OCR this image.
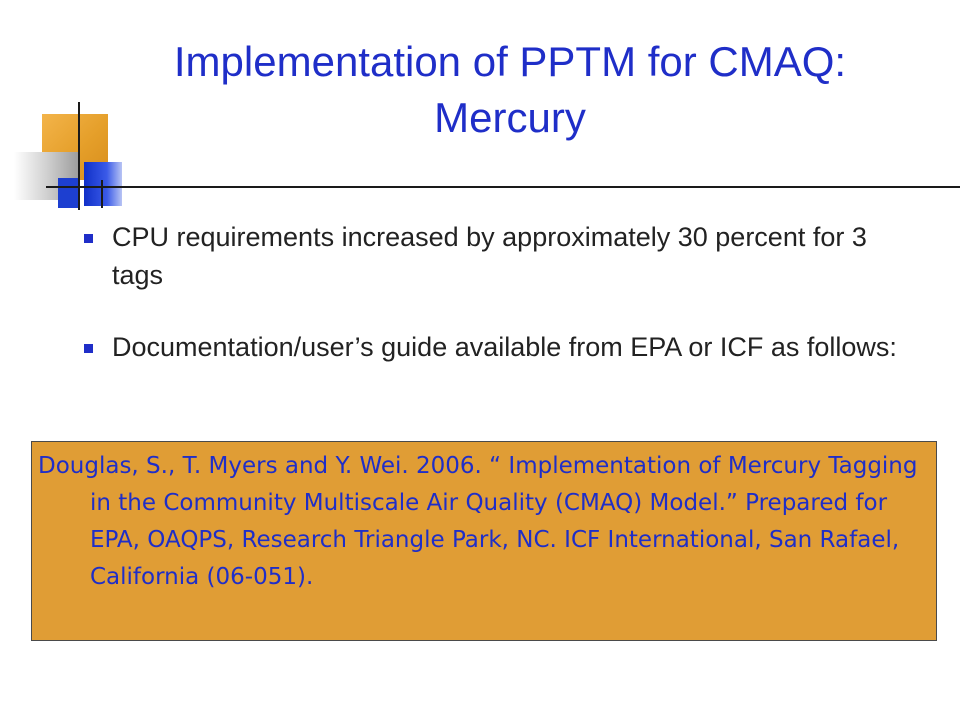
Implementation of PPTM for CMAQ: Mercury
CPU requirements increased by approximately 30 percent for 3 tags
Documentation/user’s guide available from EPA or ICF as follows:

Douglas, S., T. Myers and Y. Wei. 2006. “ Implementation of Mercury Tagging in the Community Multiscale Air Quality (CMAQ) Model.” Prepared for EPA, OAQPS, Research Triangle Park, NC. ICF International, San Rafael, California (06-051).
